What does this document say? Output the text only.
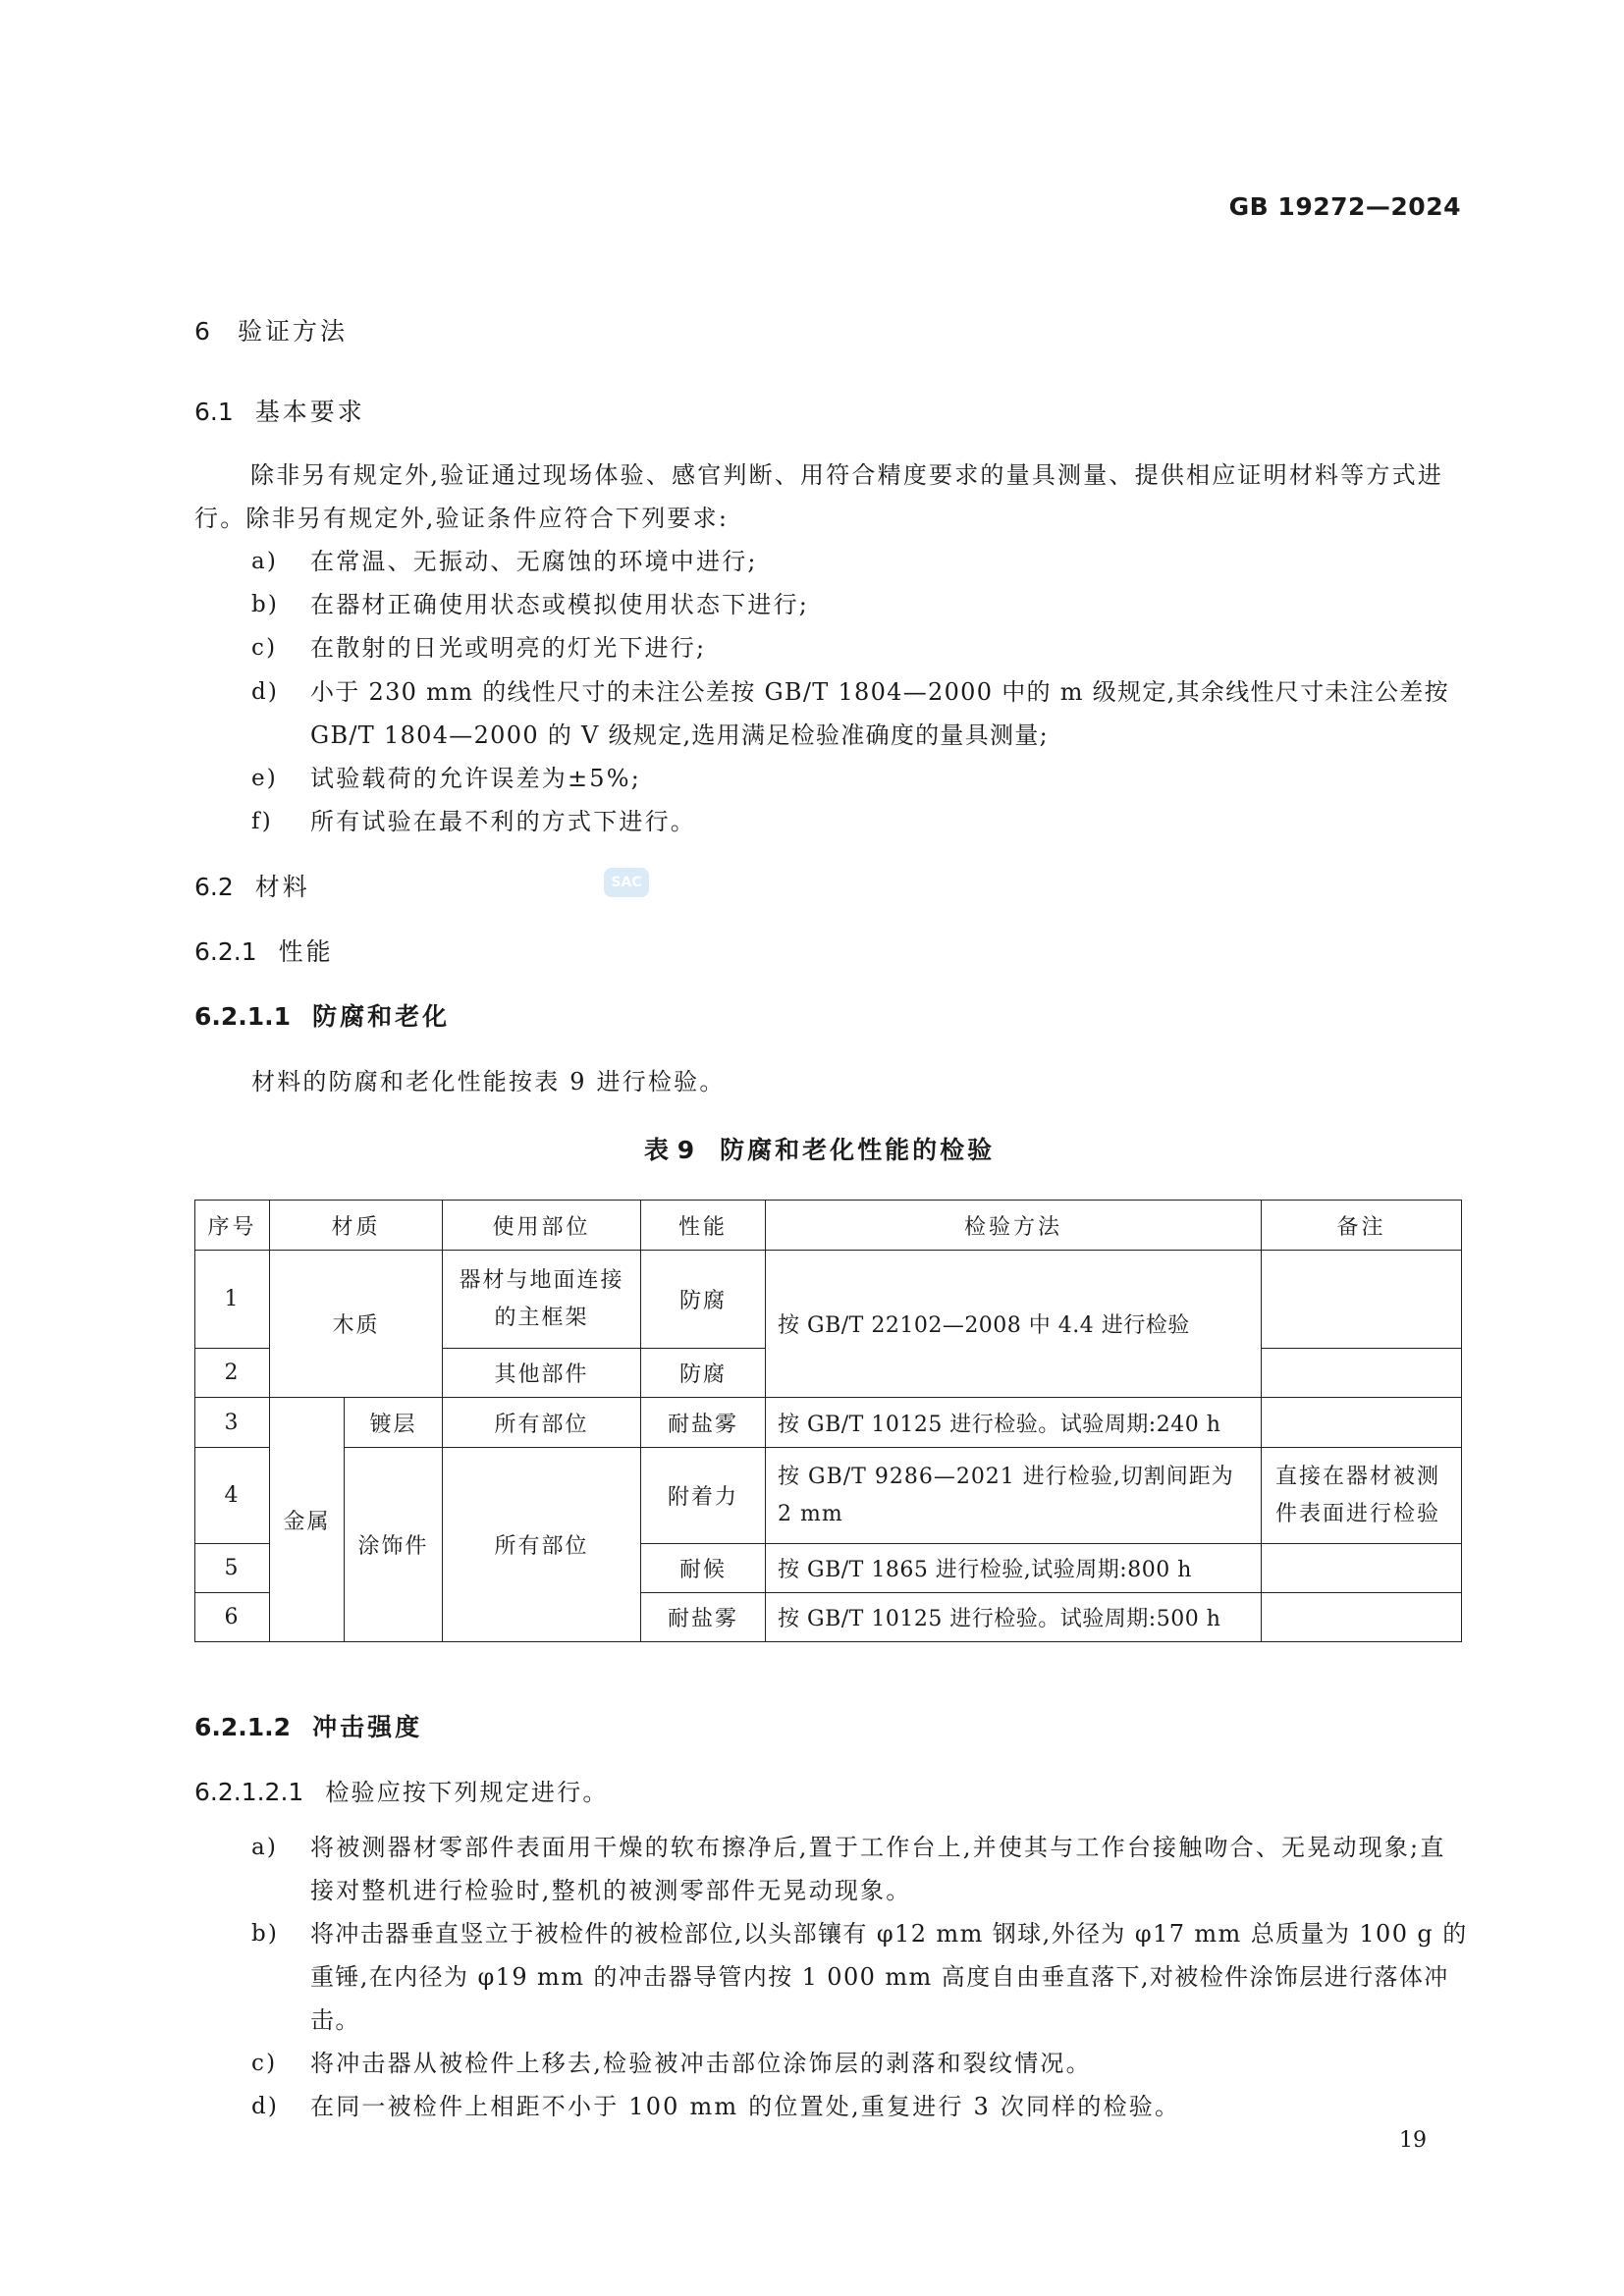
GB 19272—2024
6 验证方法
6.1 基本要求
除非另有规定外,验证通过现场体验、感官判断、用符合精度要求的量具测量、提供相应证明材料等方式进行。除非另有规定外,验证条件应符合下列要求:
a) 在常温、无振动、无腐蚀的环境中进行;
b) 在器材正确使用状态或模拟使用状态下进行;
c) 在散射的日光或明亮的灯光下进行;
d) 小于 230 mm 的线性尺寸的未注公差按 GB/T 1804—2000 中的 m 级规定,其余线性尺寸未注公差按 GB/T 1804—2000 的 V 级规定,选用满足检验准确度的量具测量;
e) 试验载荷的允许误差为±5%;
f) 所有试验在最不利的方式下进行。
6.2 材料	SAC
6.2.1 性能
6.2.1.1 防腐和老化
材料的防腐和老化性能按表 9 进行检验。
表 9 防腐和老化性能的检验
序号	材质		使用部位	性能	检验方法	备注
1	木质		器材与地面连接的主框架	防腐	按 GB/T 22102—2008 中 4.4 进行检验	
2			其他部件	防腐		
3	金属	镀层	所有部位	耐盐雾	按 GB/T 10125 进行检验。试验周期:240 h	
4		涂饰件	所有部位	附着力	按 GB/T 9286—2021 进行检验,切割间距为 2 mm	直接在器材被测件表面进行检验
5				耐候	按 GB/T 1865 进行检验,试验周期:800 h	
6				耐盐雾	按 GB/T 10125 进行检验。试验周期:500 h	
6.2.1.2 冲击强度
6.2.1.2.1 检验应按下列规定进行。
a) 将被测器材零部件表面用干燥的软布擦净后,置于工作台上,并使其与工作台接触吻合、无晃动现象;直接对整机进行检验时,整机的被测零部件无晃动现象。
b) 将冲击器垂直竖立于被检件的被检部位,以头部镶有 φ12 mm 钢球,外径为 φ17 mm 总质量为 100 g 的重锤,在内径为 φ19 mm 的冲击器导管内按 1 000 mm 高度自由垂直落下,对被检件涂饰层进行落体冲击。
c) 将冲击器从被检件上移去,检验被冲击部位涂饰层的剥落和裂纹情况。
d) 在同一被检件上相距不小于 100 mm 的位置处,重复进行 3 次同样的检验。
19
